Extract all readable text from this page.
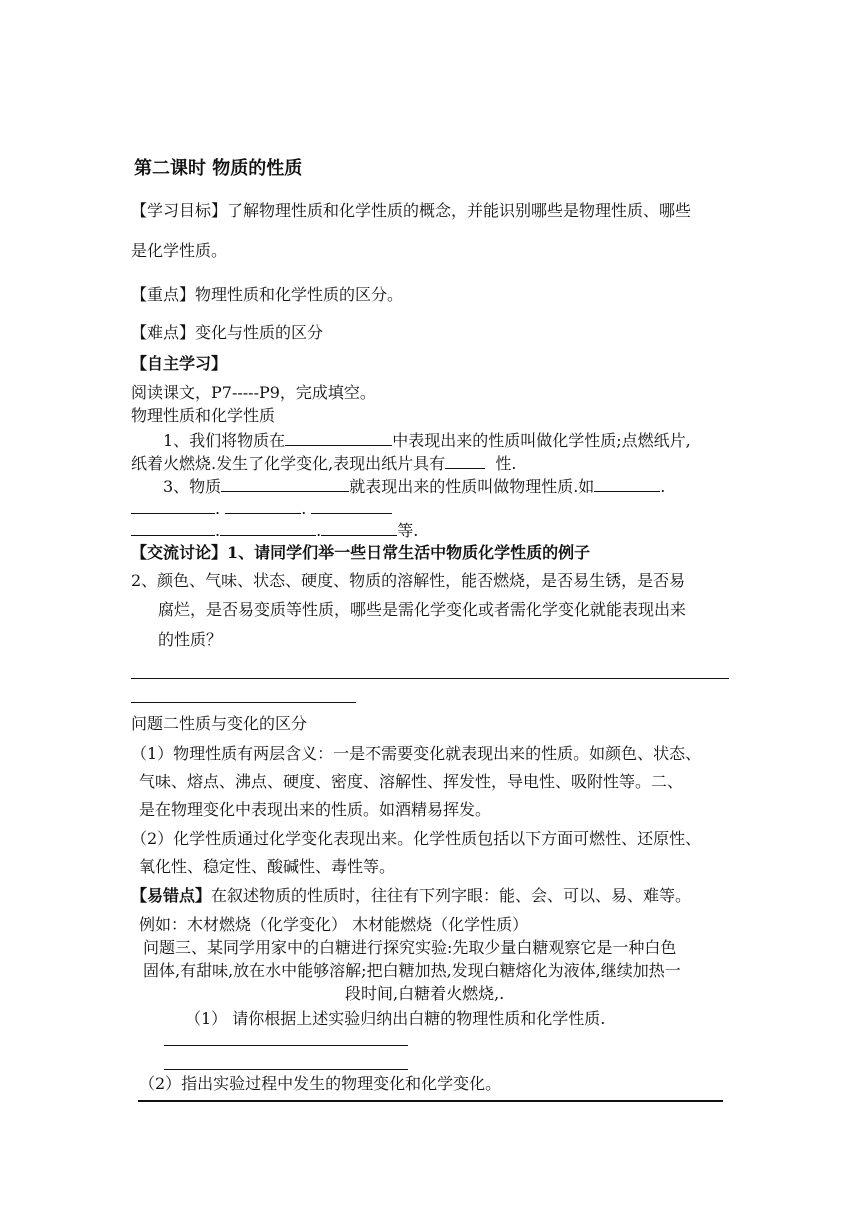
第二课时 物质的性质
【学习目标】了解物理性质和化学性质的概念，并能识别哪些是物理性质、哪些
是化学性质。
【重点】物理性质和化学性质的区分。
【难点】变化与性质的区分
【自主学习】
阅读课文，P7-----P9，完成填空。
物理性质和化学性质
1、我们将物质在	中表现出来的性质叫做化学性质;点燃纸片,
纸着火燃烧.发生了化学变化,表现出纸片具有	性.
3、物质	就表现出来的性质叫做物理性质.如	.
.	.
.	.	等.
【交流讨论】1、请同学们举一些日常生活中物质化学性质的例子
2、颜色、气味、状态、硬度、物质的溶解性，能否燃烧，是否易生锈，是否易
腐烂，是否易变质等性质，哪些是需化学变化或者需化学变化就能表现出来
的性质？
问题二性质与变化的区分
（1）物理性质有两层含义：一是不需要变化就表现出来的性质。如颜色、状态、
气味、熔点、沸点、硬度、密度、溶解性、挥发性，导电性、吸附性等。二、
是在物理变化中表现出来的性质。如酒精易挥发。
（2）化学性质通过化学变化表现出来。化学性质包括以下方面可燃性、还原性、
氧化性、稳定性、酸碱性、毒性等。
【易错点】在叙述物质的性质时，往往有下列字眼：能、会、可以、易、难等。
例如：木材燃烧（化学变化） 木材能燃烧（化学性质）
问题三、某同学用家中的白糖进行探究实验:先取少量白糖观察它是一种白色
固体,有甜味,放在水中能够溶解;把白糖加热,发现白糖熔化为液体,继续加热一
段时间,白糖着火燃烧,.
（1） 请你根据上述实验归纳出白糖的物理性质和化学性质.
（2）指出实验过程中发生的物理变化和化学变化。
